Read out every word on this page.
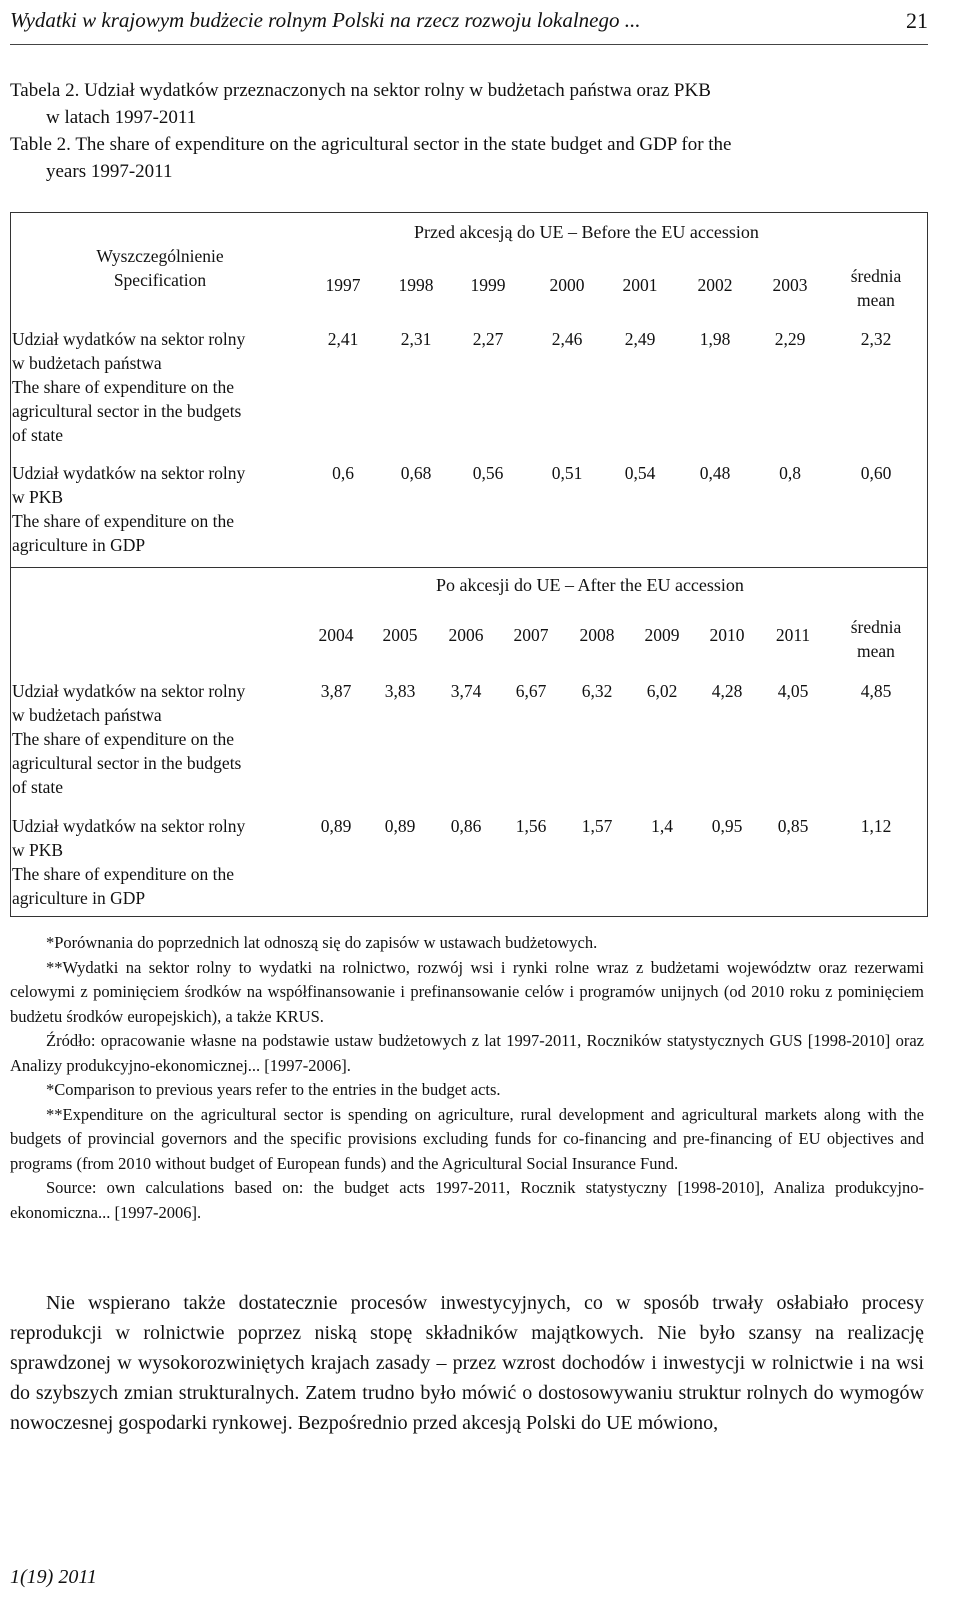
Wydatki w krajowym budżecie rolnym Polski na rzecz rozwoju lokalnego ...	21
Tabela 2. Udział wydatków przeznaczonych na sektor rolny w budżetach państwa oraz PKB
w latach 1997-2011
Table 2. The share of expenditure on the agricultural sector in the state budget and GDP for the
years 1997-2011
Wyszczególnienie
Specification
Przed akcesją do UE – Before the EU accession
1997 1998 1999	2000 2001 2002 2003 średnia
mean
Udział wydatków na sektor rolny
w budżetach państwa
The share of expenditure on the
agricultural sector in the budgets
of state
2,41 2,31 2,27	2,46 2,49	1,98	2,29	2,32
Udział wydatków na sektor rolny
w PKB
The share of expenditure on the
agriculture in GDP
0,6	0,68 0,56	0,51 0,54	0,48	0,8	0,60
Po akcesji do UE – After the EU accession
2004 2005 2006 2007 2008 2009 2010 2011 średnia
mean
Udział wydatków na sektor rolny
w budżetach państwa
The share of expenditure on the
agricultural sector in the budgets
of state
3,87 3,83 3,74 6,67 6,32 6,02 4,28 4,05	4,85
Udział wydatków na sektor rolny
w PKB
The share of expenditure on the
agriculture in GDP
0,89 0,89 0,86 1,56 1,57 1,4 0,95 0,85	1,12

*Porównania do poprzednich lat odnoszą się do zapisów w ustawach budżetowych.

**Wydatki na sektor rolny to wydatki na rolnictwo, rozwój wsi i rynki rolne wraz z budżetami województw oraz rezerwami celowymi z pominięciem środków na współfinansowanie i prefinansowanie celów i programów unijnych (od 2010 roku z pominięciem budżetu środków europejskich), a także KRUS.

Źródło: opracowanie własne na podstawie ustaw budżetowych z lat 1997-2011, Roczników statystycznych GUS [1998-2010] oraz Analizy produkcyjno-ekonomicznej... [1997-2006].

*Comparison to previous years refer to the entries in the budget acts.

**Expenditure on the agricultural sector is spending on agriculture, rural development and agricultural markets along with the budgets of provincial governors and the specific provisions excluding funds for co-financing and pre-financing of EU objectives and programs (from 2010 without budget of European funds) and the Agricultural Social Insurance Fund.

Source: own calculations based on: the budget acts 1997-2011, Rocznik statystyczny [1998-2010], Analiza produkcyjno-ekonomiczna... [1997-2006].

Nie wspierano także dostatecznie procesów inwestycyjnych, co w sposób trwały osłabiało procesy reprodukcji w rolnictwie poprzez niską stopę składników majątkowych. Nie było szansy na realizację sprawdzonej w wysokorozwiniętych krajach zasady – przez wzrost dochodów i inwestycji w rolnictwie i na wsi do szybszych zmian strukturalnych. Zatem trudno było mówić o dostosowywaniu struktur rolnych do wymogów nowoczesnej gospodarki rynkowej. Bezpośrednio przed akcesją Polski do UE mówiono,

1(19) 2011
